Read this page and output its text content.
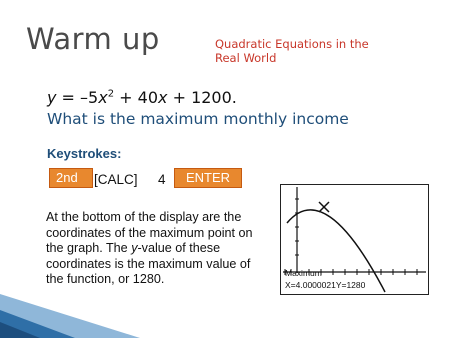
Warm up	Quadratic Equations in the Real World
$y = -5x^2 + 40x + 1200$.
What is the maximum monthly income
Keystrokes:
2nd	[CALC] 4	ENTER
At the bottom of the display are the coordinates of the maximum point on the graph. The y-value of these coordinates is the maximum value of the function, or 1280.	Maximum
X=4.0000021Y=1280
